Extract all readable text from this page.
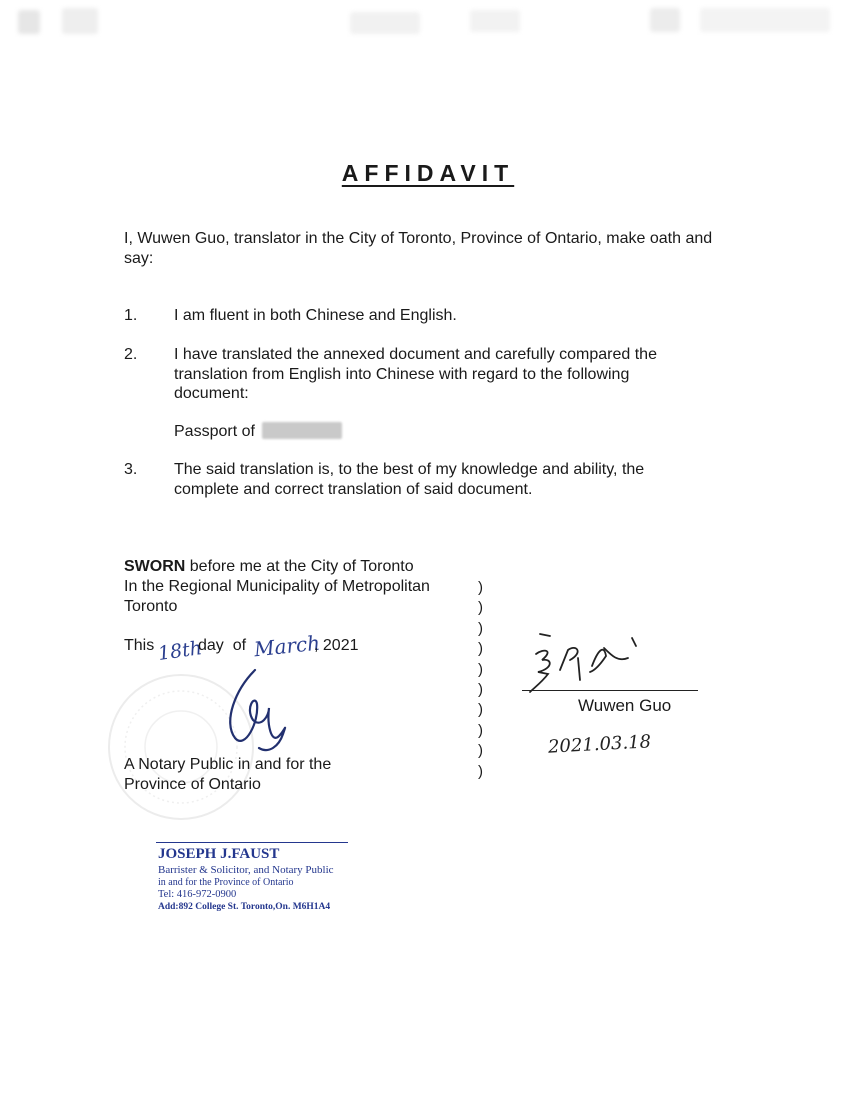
AFFIDAVIT
I, Wuwen Guo, translator in the City of Toronto, Province of Ontario, make oath and say:
1.	I am fluent in both Chinese and English.
2.	I have translated the annexed document and carefully compared the translation from English into Chinese with regard to the following document:
Passport of
3.	The said translation is, to the best of my knowledge and ability, the complete and correct translation of said document.
SWORN before me at the City of Toronto
In the Regional Municipality of Metropolitan
Toronto
This 18th
day  of March
, 2021
A Notary Public in and for the
Province of Ontario
)
)
)
)
)
)
)
)
)
)
Wuwen Guo
2021.03.18
JOSEPH J.FAUST
Barrister & Solicitor, and Notary Public
in and for the Province of Ontario
Tel: 416-972-0900
Add:892 College St. Toronto,On. M6H1A4
